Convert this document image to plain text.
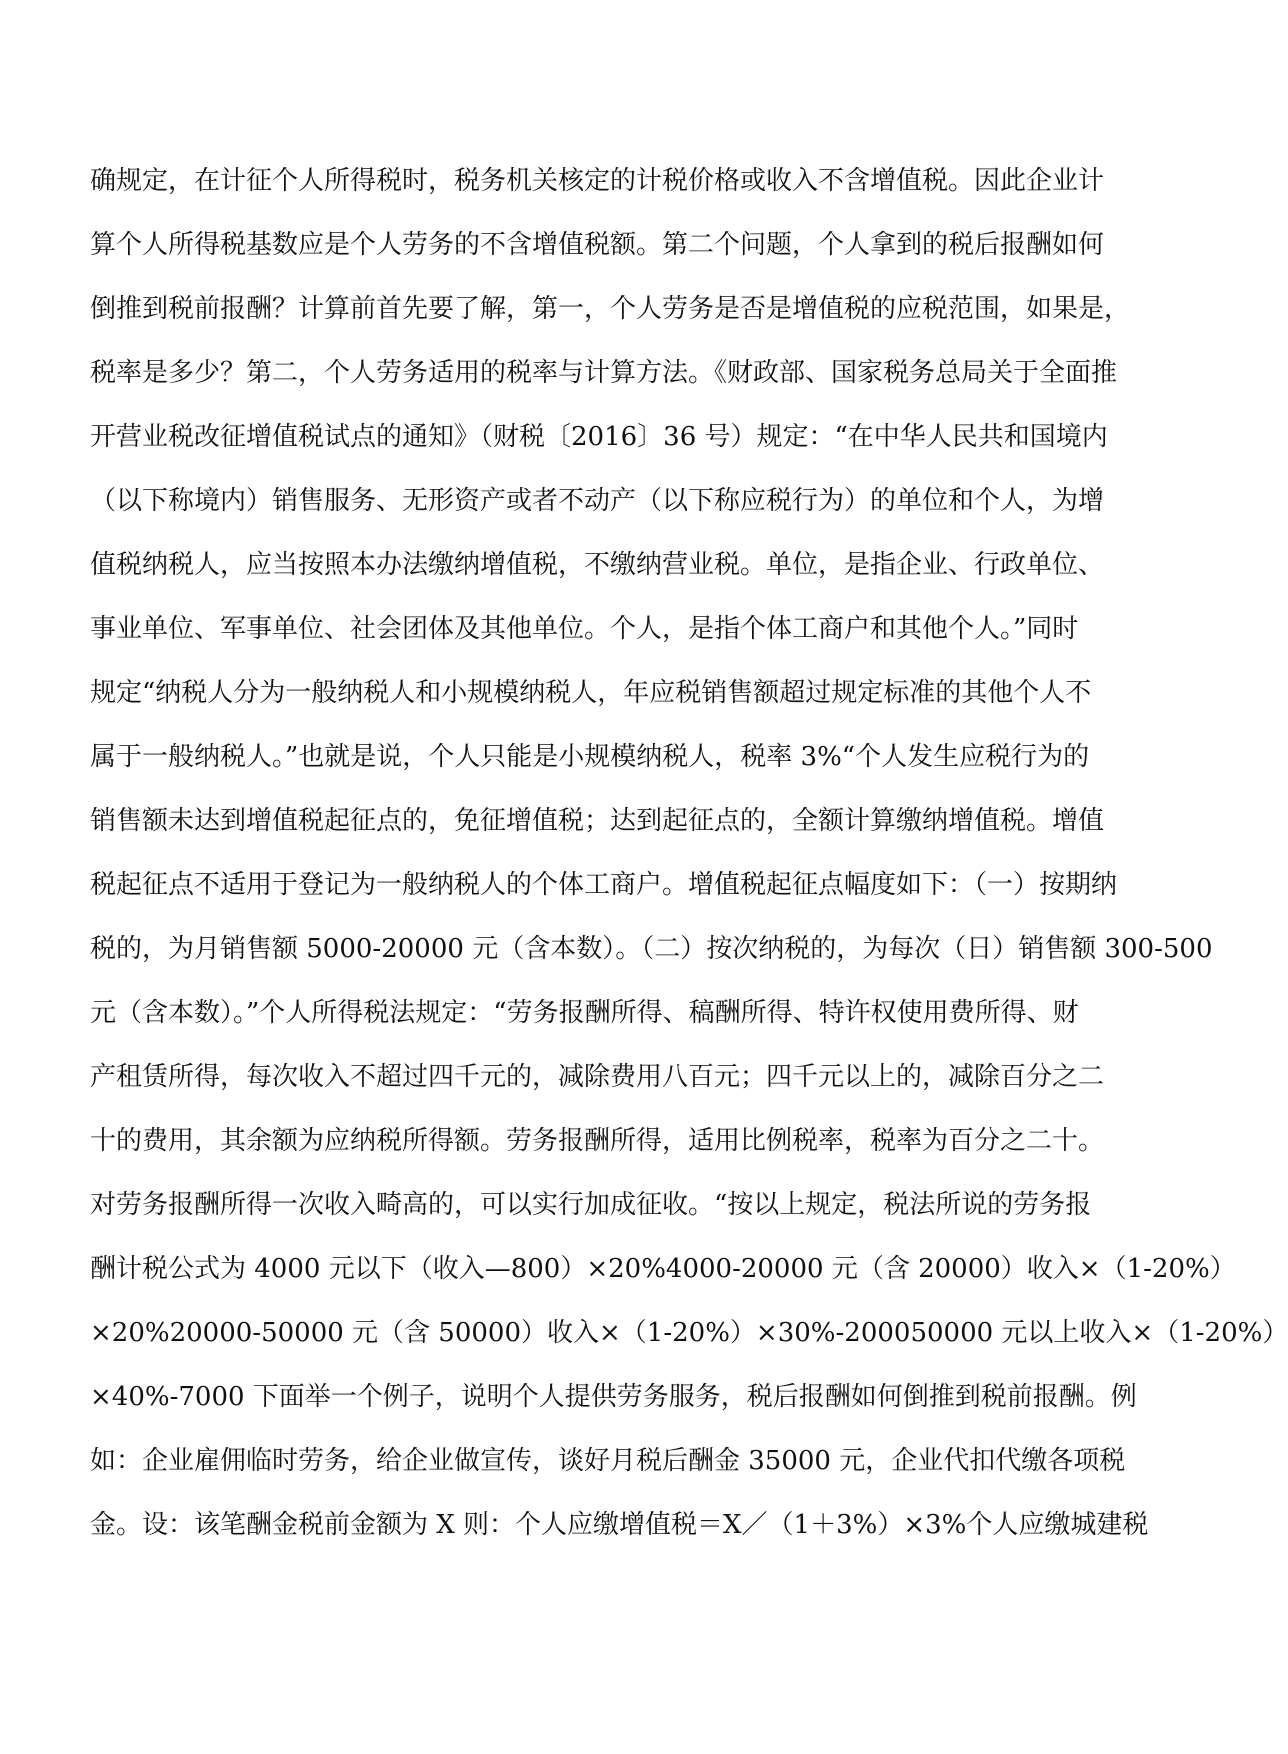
确规定，在计征个人所得税时，税务机关核定的计税价格或收入不含增值税。因此企业计
算个人所得税基数应是个人劳务的不含增值税额。第二个问题，个人拿到的税后报酬如何
倒推到税前报酬？计算前首先要了解，第一，个人劳务是否是增值税的应税范围，如果是，
税率是多少？第二，个人劳务适用的税率与计算方法。《财政部、国家税务总局关于全面推
开营业税改征增值税试点的通知》（财税〔2016〕36 号）规定：“在中华人民共和国境内
（以下称境内）销售服务、无形资产或者不动产（以下称应税行为）的单位和个人，为增
值税纳税人，应当按照本办法缴纳增值税，不缴纳营业税。单位，是指企业、行政单位、
事业单位、军事单位、社会团体及其他单位。个人，是指个体工商户和其他个人。”同时
规定“纳税人分为一般纳税人和小规模纳税人，年应税销售额超过规定标准的其他个人不
属于一般纳税人。”也就是说，个人只能是小规模纳税人，税率 3%“个人发生应税行为的
销售额未达到增值税起征点的，免征增值税；达到起征点的，全额计算缴纳增值税。增值
税起征点不适用于登记为一般纳税人的个体工商户。增值税起征点幅度如下：（一）按期纳
税的，为月销售额 5000-20000 元（含本数）。（二）按次纳税的，为每次（日）销售额 300-500
元（含本数）。”个人所得税法规定：“劳务报酬所得、稿酬所得、特许权使用费所得、财
产租赁所得，每次收入不超过四千元的，减除费用八百元；四千元以上的，减除百分之二
十的费用，其余额为应纳税所得额。劳务报酬所得，适用比例税率，税率为百分之二十。
对劳务报酬所得一次收入畸高的，可以实行加成征收。“按以上规定，税法所说的劳务报
酬计税公式为 4000 元以下（收入—800）×20%4000-20000 元（含 20000）收入×（1-20%）
×20%20000-50000 元（含 50000）收入×（1-20%）×30%-200050000 元以上收入×（1-20%）
×40%-7000 下面举一个例子，说明个人提供劳务服务，税后报酬如何倒推到税前报酬。例
如：企业雇佣临时劳务，给企业做宣传，谈好月税后酬金 35000 元，企业代扣代缴各项税
金。设：该笔酬金税前金额为 X 则：个人应缴增值税＝X／（1＋3%）×3%个人应缴城建税
